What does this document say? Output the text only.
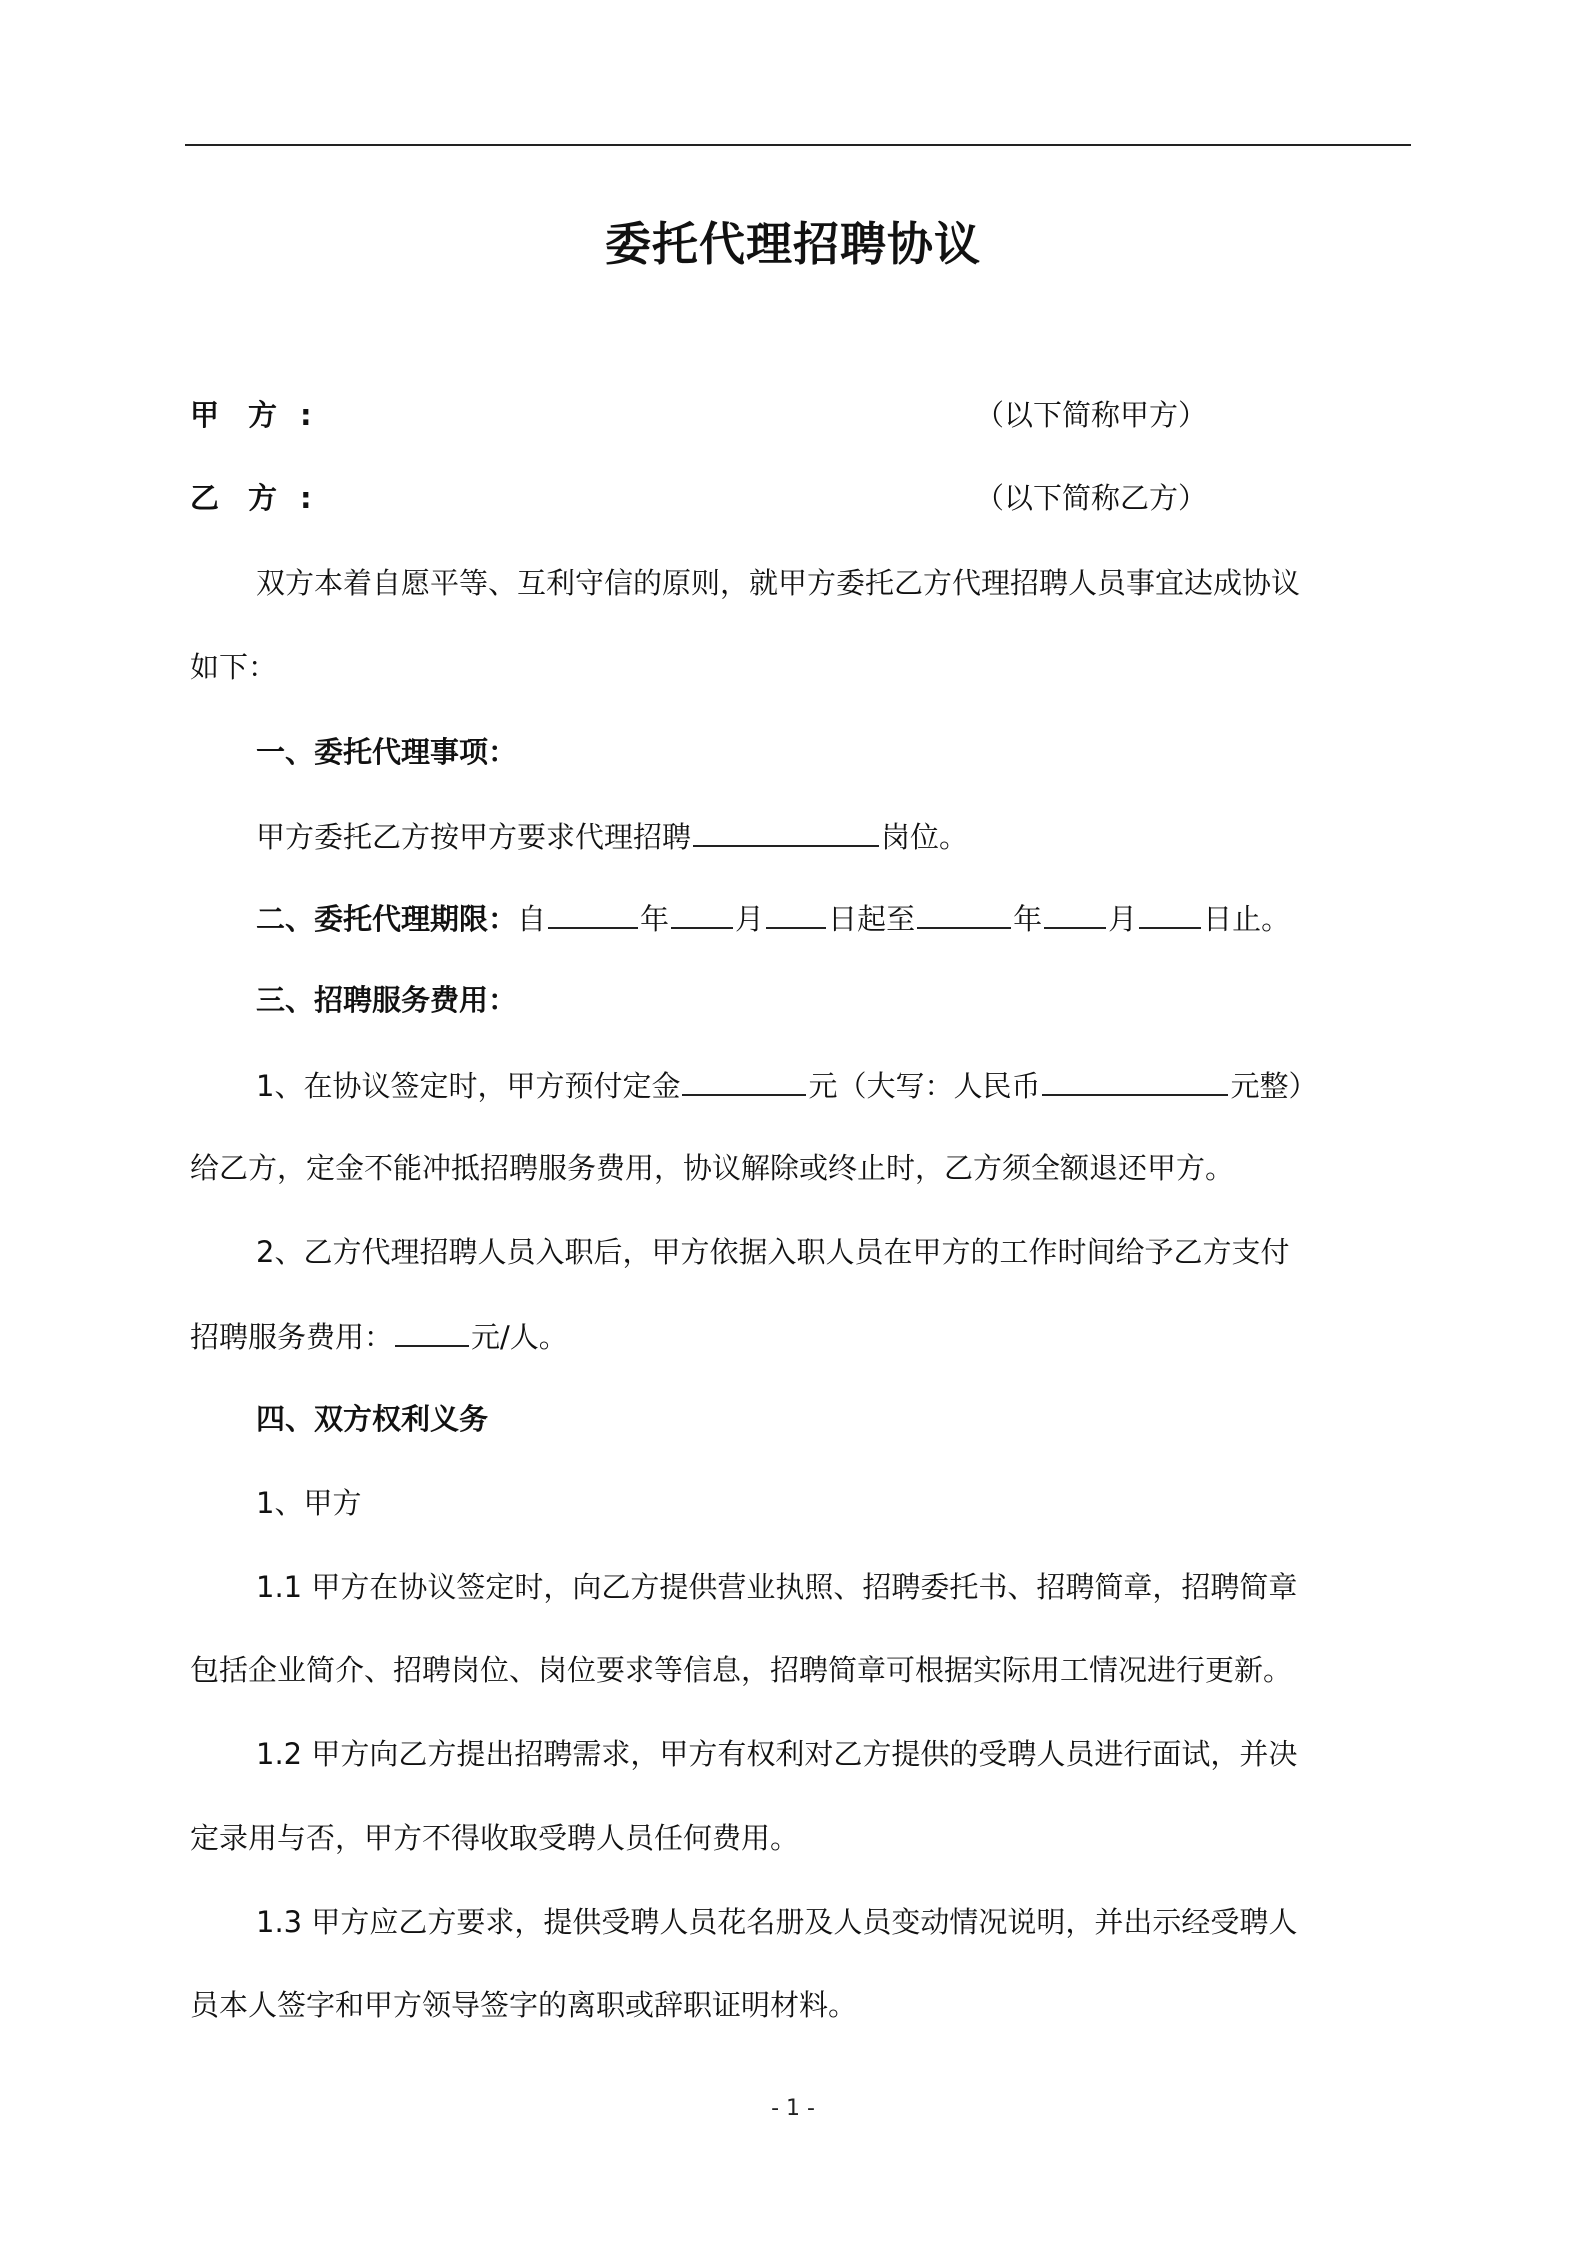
委托代理招聘协议
甲　方 :	（以下简称甲方）
乙　方 :	（以下简称乙方）
双方本着自愿平等、互利守信的原则，就甲方委托乙方代理招聘人员事宜达成协议
如下：
一、委托代理事项：
甲方委托乙方按甲方要求代理招聘	岗位。
二、委托代理期限：自	年 月 日起至	年 月 日止。
三、招聘服务费用：
1、在协议签定时，甲方预付定金	元（大写：人民币	元整）
给乙方，定金不能冲抵招聘服务费用，协议解除或终止时，乙方须全额退还甲方。
2、乙方代理招聘人员入职后，甲方依据入职人员在甲方的工作时间给予乙方支付
招聘服务费用：	元/人。
四、双方权利义务
1、甲方
1.1 甲方在协议签定时，向乙方提供营业执照、招聘委托书、招聘简章，招聘简章
包括企业简介、招聘岗位、岗位要求等信息，招聘简章可根据实际用工情况进行更新。
1.2 甲方向乙方提出招聘需求，甲方有权利对乙方提供的受聘人员进行面试，并决
定录用与否，甲方不得收取受聘人员任何费用。
1.3 甲方应乙方要求，提供受聘人员花名册及人员变动情况说明，并出示经受聘人
员本人签字和甲方领导签字的离职或辞职证明材料。
- 1 -
